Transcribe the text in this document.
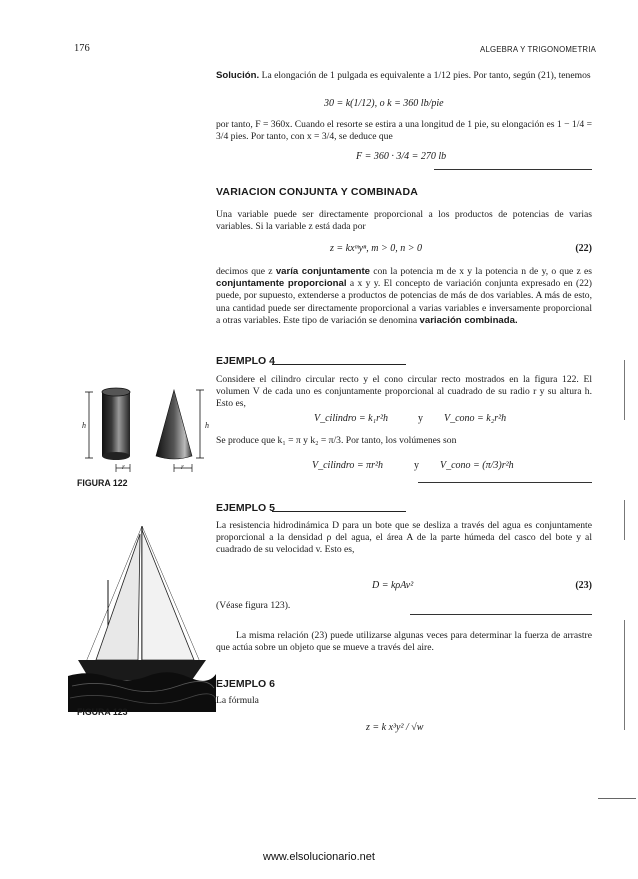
176	ALGEBRA Y TRIGONOMETRIA
Solución. La elongación de 1 pulgada es equivalente a 1/12 pies. Por tanto, según (21), tenemos
30 = k(1/12), o k = 360 lb/pie
por tanto, F = 360x. Cuando el resorte se estira a una longitud de 1 pie, su elongación es 1 − 1/4 = 3/4 pies. Por tanto, con x = 3/4, se deduce que
F = 360 · 3/4 = 270 lb
VARIACION CONJUNTA Y COMBINADA
Una variable puede ser directamente proporcional a los productos de potencias de varias variables. Si la variable z está dada por
z = kxᵐyⁿ, m > 0, n > 0	(22)
decimos que z varía conjuntamente con la potencia m de x y la potencia n de y, o que z es conjuntamente proporcional a x y y. El concepto de variación conjunta expresado en (22) puede, por supuesto, extenderse a productos de potencias de más de dos variables. A más de esto, una cantidad puede ser directamente proporcional a varias variables e inversamente proporcional a otras variables. Este tipo de variación se denomina variación combinada.
EJEMPLO 4
Considere el cilindro circular recto y el cono circular recto mostrados en la figura 122. El volumen V de cada uno es conjuntamente proporcional al cuadrado de su radio r y su altura h. Esto es,
V_cilindro = k₁r²h	y V_cono = k₂r²h
Se produce que k₁ = π y k₂ = π/3. Por tanto, los volúmenes son
V_cilindro = πr²h	y V_cono = (π/3)r²h
h	h
r	r
FIGURA 122
EJEMPLO 5
La resistencia hidrodinámica D para un bote que se desliza a través del agua es conjuntamente proporcional a la densidad ρ del agua, el área A de la parte húmeda del casco del bote y al cuadrado de su velocidad v. Esto es,
D = kρAv²	(23)
(Véase figura 123).
La misma relación (23) puede utilizarse algunas veces para determinar la fuerza de arrastre que actúa sobre un objeto que se mueve a través del aire.
FIGURA 123
EJEMPLO 6
La fórmula
z = k x³y² / √w
www.elsolucionario.net
